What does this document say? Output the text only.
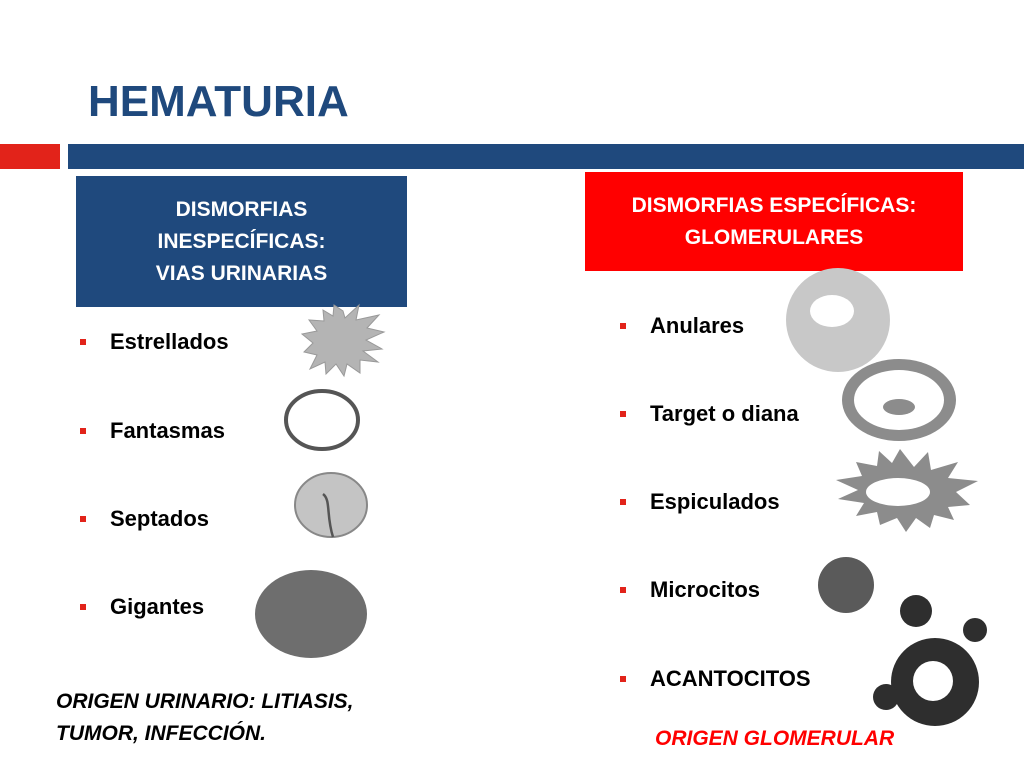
HEMATURIA
DISMORFIAS
INESPECÍFICAS:
VIAS URINARIAS
DISMORFIAS ESPECÍFICAS:
GLOMERULARES
Estrellados
Fantasmas
Septados
Gigantes
Anulares
Target o diana
Espiculados
Microcitos
ACANTOCITOS
ORIGEN URINARIO: LITIASIS,
TUMOR, INFECCIÓN.	ORIGEN GLOMERULAR
